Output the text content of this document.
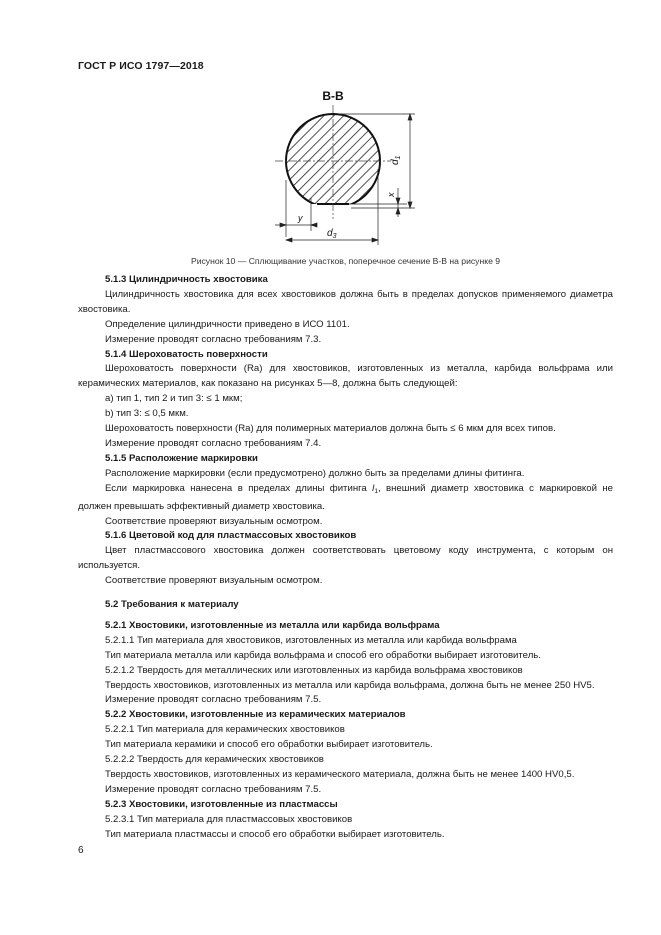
ГОСТ Р ИСО 1797—2018
B-B
$d_1$
x
y
$d_3$
Рисунок 10 — Сплющивание участков, поперечное сечение В-В на рисунке 9

5.1.3 Цилиндричность хвостовика

Цилиндричность хвостовика для всех хвостовиков должна быть в пределах допусков применяемого диаметра хвостовика.

Определение цилиндричности приведено в ИСО 1101.

Измерение проводят согласно требованиям 7.3.

5.1.4 Шероховатость поверхности

Шероховатость поверхности (Ra) для хвостовиков, изготовленных из металла, карбида вольфрама или керамических материалов, как показано на рисунках 5—8, должна быть следующей:

a) тип 1, тип 2 и тип 3: ≤ 1 мкм;

b) тип 3: ≤ 0,5 мкм.

Шероховатость поверхности (Ra) для полимерных материалов должна быть ≤ 6 мкм для всех типов.

Измерение проводят согласно требованиям 7.4.

5.1.5 Расположение маркировки

Расположение маркировки (если предусмотрено) должно быть за пределами длины фитинга.

Если маркировка нанесена в пределах длины фитинга $l_1$, внешний диаметр хвостовика с маркировкой не должен превышать эффективный диаметр хвостовика.

Соответствие проверяют визуальным осмотром.

5.1.6 Цветовой код для пластмассовых хвостовиков

Цвет пластмассового хвостовика должен соответствовать цветовому коду инструмента, с которым он используется.

Соответствие проверяют визуальным осмотром.

5.2 Требования к материалу

5.2.1 Хвостовики, изготовленные из металла или карбида вольфрама

5.2.1.1 Тип материала для хвостовиков, изготовленных из металла или карбида вольфрама

Тип материала металла или карбида вольфрама и способ его обработки выбирает изготовитель.

5.2.1.2 Твердость для металлических или изготовленных из карбида вольфрама хвостовиков

Твердость хвостовиков, изготовленных из металла или карбида вольфрама, должна быть не менее 250 HV5.

Измерение проводят согласно требованиям 7.5.

5.2.2 Хвостовики, изготовленные из керамических материалов

5.2.2.1 Тип материала для керамических хвостовиков

Тип материала керамики и способ его обработки выбирает изготовитель.

5.2.2.2 Твердость для керамических хвостовиков

Твердость хвостовиков, изготовленных из керамического материала, должна быть не менее 1400 HV0,5.

Измерение проводят согласно требованиям 7.5.

5.2.3 Хвостовики, изготовленные из пластмассы

5.2.3.1 Тип материала для пластмассовых хвостовиков

Тип материала пластмассы и способ его обработки выбирает изготовитель.

6
